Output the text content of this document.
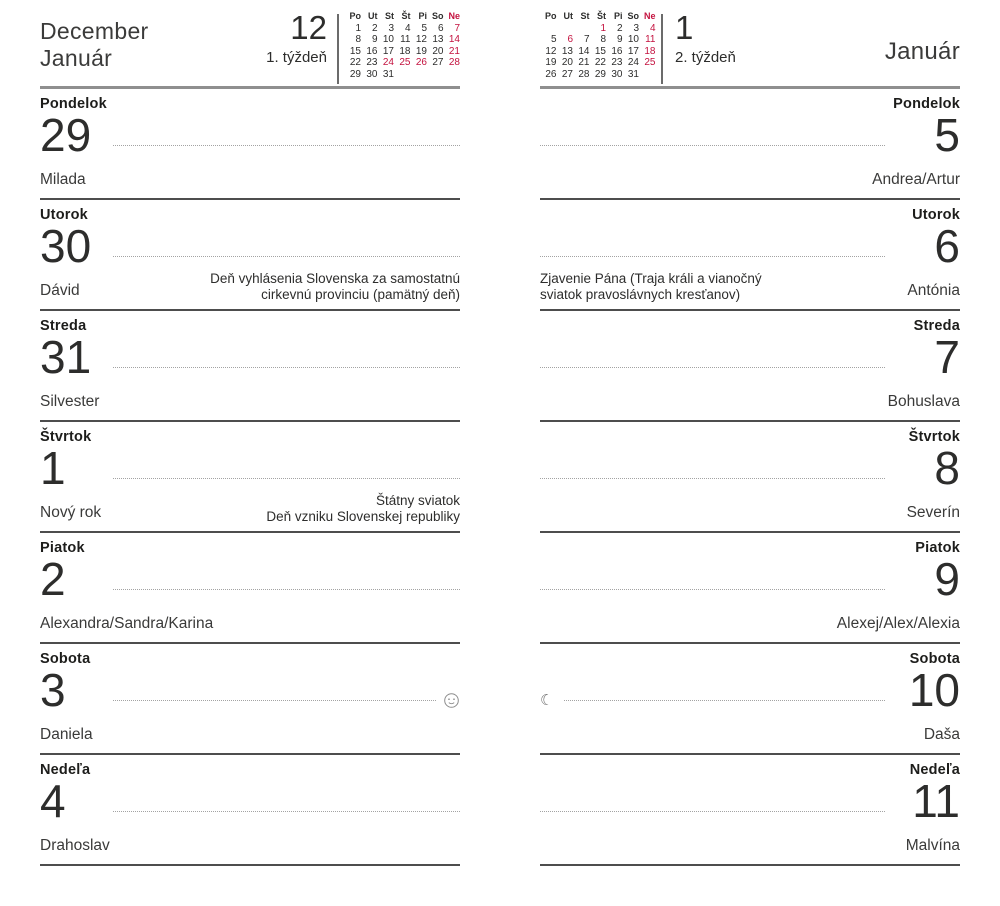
December
Január
12
1. týždeň
Po	Ut	St	Št	Pi	So	Ne
1	2	3	4	5	6	7
8	9	10	11	12	13	14
15	16	17	18	19	20	21
22	23	24	25	26	27	28
29	30	31				
Pondelok
29
Milada
Utorok
30
Dávid
Deň vyhlásenia Slovenska za samostatnú
cirkevnú provinciu (pamätný deň)
Streda
31
Silvester
Štvrtok
1
Nový rok
Štátny sviatok
Deň vzniku Slovenskej republiky
Piatok
2
Alexandra/Sandra/Karina
Sobota
3
Daniela
Nedeľa
4
Drahoslav
Po	Ut	St	Št	Pi	So	Ne
			1	2	3	4
5	6	7	8	9	10	11
12	13	14	15	16	17	18
19	20	21	22	23	24	25
26	27	28	29	30	31	
1
2. týždeň	Január
Pondelok
5
Andrea/Artur
Utorok
6
Antónia
Zjavenie Pána (Traja králi a vianočný
sviatok pravoslávnych kresťanov)
Streda
7
Bohuslava
Štvrtok
8
Severín
Piatok
9
Alexej/Alex/Alexia
Sobota
10
☾
Daša
Nedeľa
11
Malvína
